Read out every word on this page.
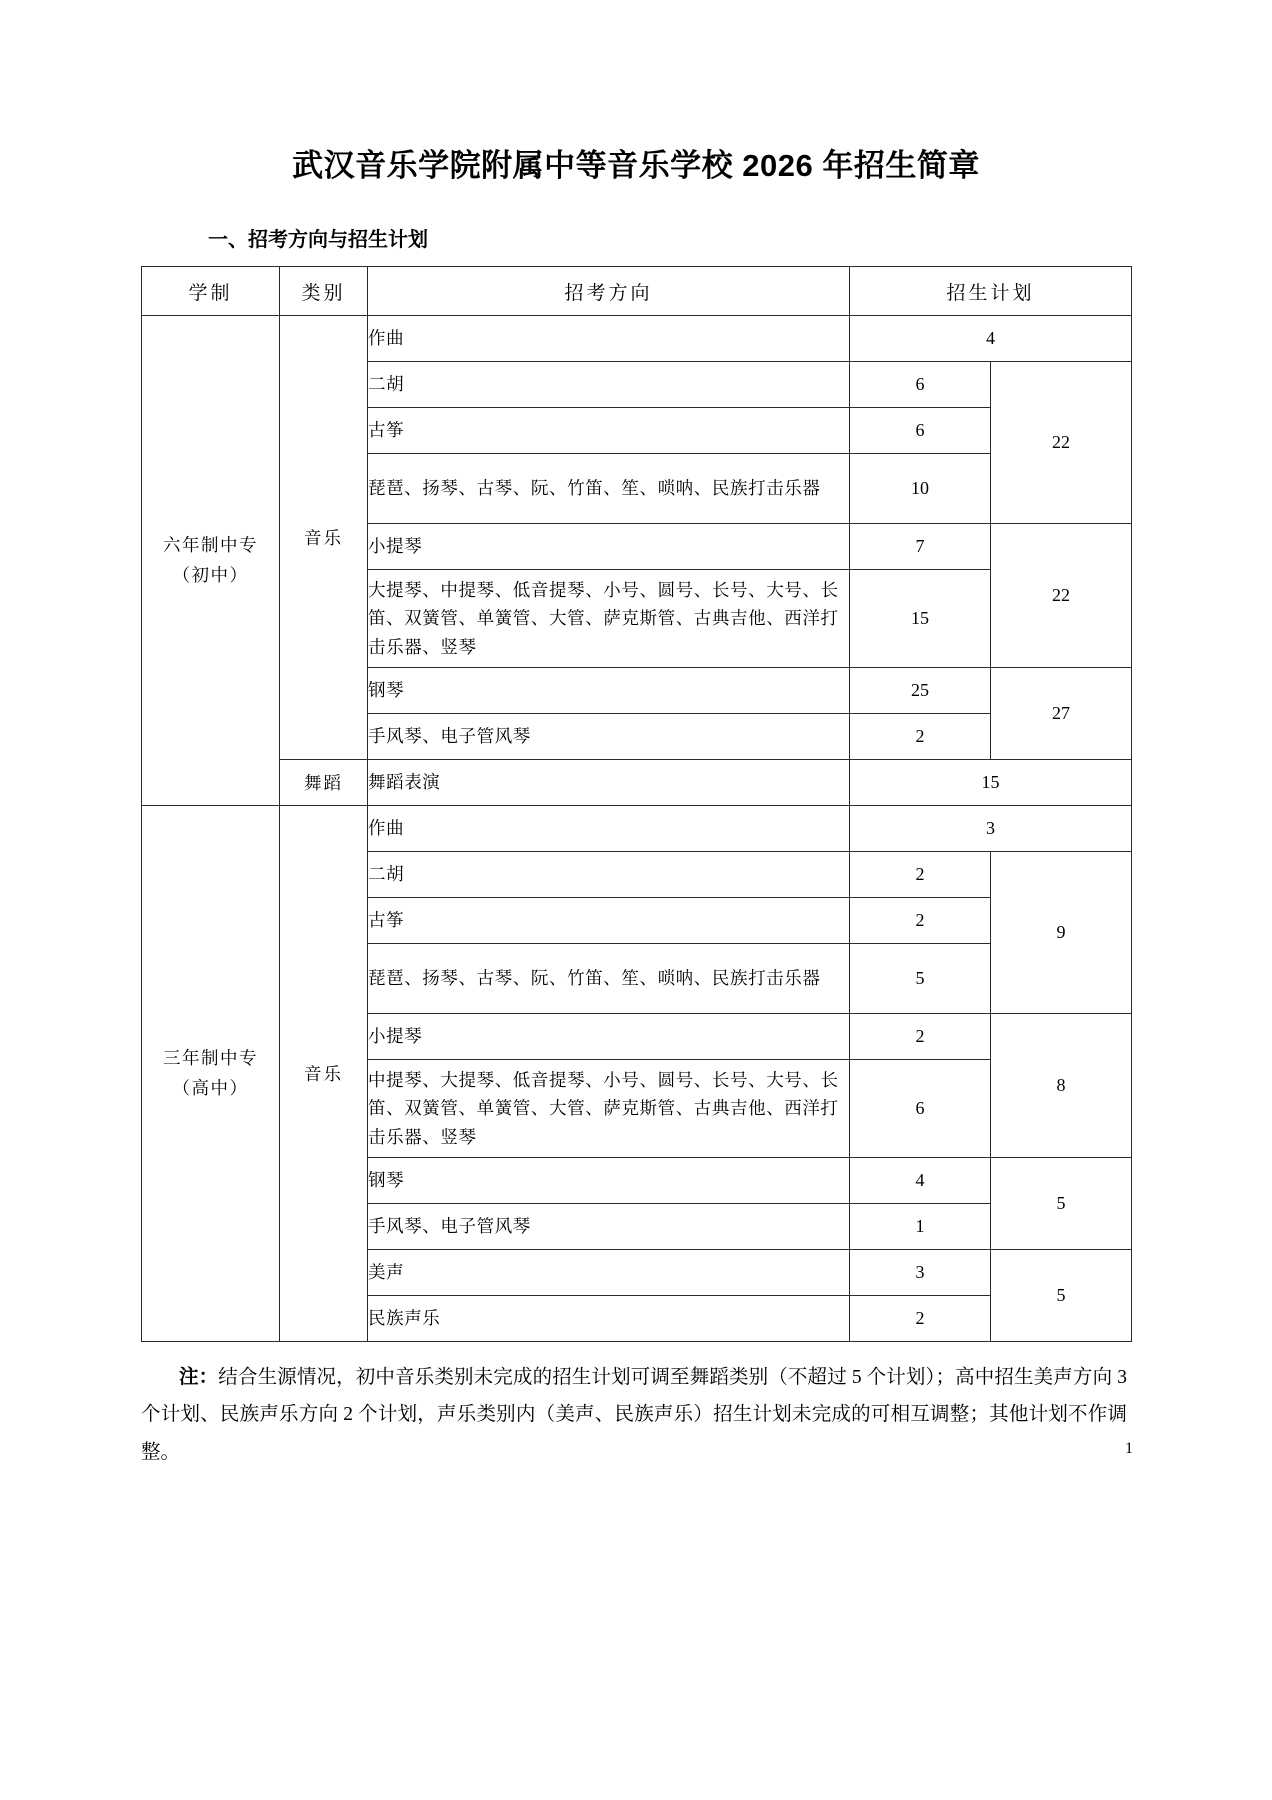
武汉音乐学院附属中等音乐学校 2026 年招生简章
一、招考方向与招生计划
学制	类别	招考方向	招生计划	

六年制中专
（初中）	音乐	作曲	4	
		二胡	6	22
		古筝	6	
		琵琶、扬琴、古琴、阮、竹笛、笙、唢呐、民族打击乐器	10	
		小提琴	7	22
		大提琴、中提琴、低音提琴、小号、圆号、长号、大号、长笛、双簧管、单簧管、大管、萨克斯管、古典吉他、西洋打击乐器、竖琴	15	
		钢琴	25	27
		手风琴、电子管风琴	2	
	舞蹈	舞蹈表演	15	

三年制中专
（高中）	音乐	作曲	3	
		二胡	2	9
		古筝	2	
		琵琶、扬琴、古琴、阮、竹笛、笙、唢呐、民族打击乐器	5	
		小提琴	2	8
		中提琴、大提琴、低音提琴、小号、圆号、长号、大号、长笛、双簧管、单簧管、大管、萨克斯管、古典吉他、西洋打击乐器、竖琴	6	
		钢琴	4	5
		手风琴、电子管风琴	1	
		美声	3	5
		民族声乐	2	
注：结合生源情况，初中音乐类别未完成的招生计划可调至舞蹈类别（不超过 5 个计划）；高中招生美声方向 3 个计划、民族声乐方向 2 个计划，声乐类别内（美声、民族声乐）招生计划未完成的可相互调整；其他计划不作调整。	1
